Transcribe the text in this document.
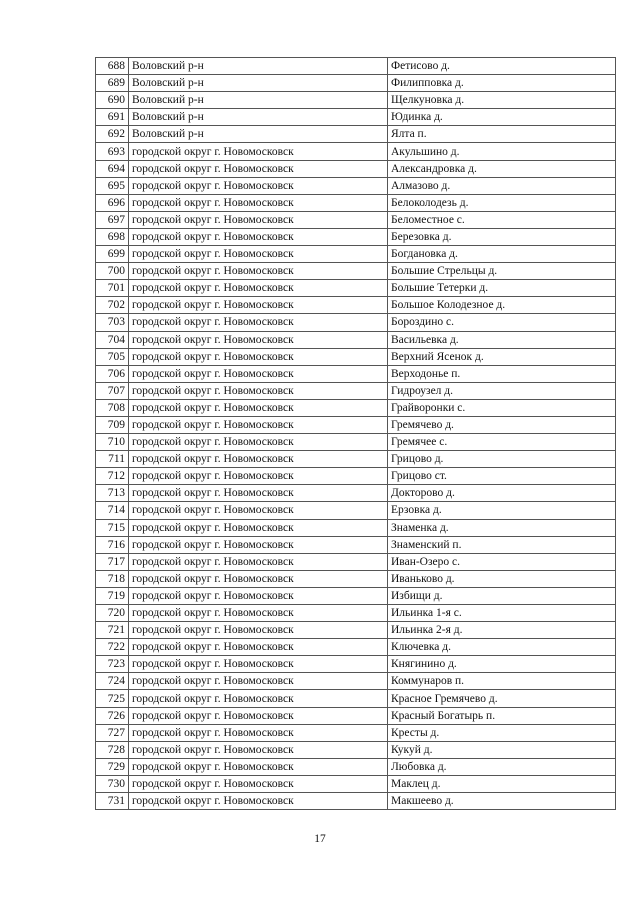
688	Воловский р-н	Фетисово д.
689	Воловский р-н	Филипповка д.
690	Воловский р-н	Щелкуновка д.
691	Воловский р-н	Юдинка д.
692	Воловский р-н	Ялта п.
693	городской округ г. Новомосковск	Акульшино д.
694	городской округ г. Новомосковск	Александровка д.
695	городской округ г. Новомосковск	Алмазово д.
696	городской округ г. Новомосковск	Белоколодезь д.
697	городской округ г. Новомосковск	Беломестное с.
698	городской округ г. Новомосковск	Березовка д.
699	городской округ г. Новомосковск	Богдановка д.
700	городской округ г. Новомосковск	Большие Стрельцы д.
701	городской округ г. Новомосковск	Большие Тетерки д.
702	городской округ г. Новомосковск	Большое Колодезное д.
703	городской округ г. Новомосковск	Бороздино с.
704	городской округ г. Новомосковск	Васильевка д.
705	городской округ г. Новомосковск	Верхний Ясенок д.
706	городской округ г. Новомосковск	Верходонье п.
707	городской округ г. Новомосковск	Гидроузел д.
708	городской округ г. Новомосковск	Грайворонки с.
709	городской округ г. Новомосковск	Гремячево д.
710	городской округ г. Новомосковск	Гремячее с.
711	городской округ г. Новомосковск	Грицово д.
712	городской округ г. Новомосковск	Грицово ст.
713	городской округ г. Новомосковск	Докторово д.
714	городской округ г. Новомосковск	Ерзовка д.
715	городской округ г. Новомосковск	Знаменка д.
716	городской округ г. Новомосковск	Знаменский п.
717	городской округ г. Новомосковск	Иван-Озеро с.
718	городской округ г. Новомосковск	Иваньково д.
719	городской округ г. Новомосковск	Избищи д.
720	городской округ г. Новомосковск	Ильинка 1-я с.
721	городской округ г. Новомосковск	Ильинка 2-я д.
722	городской округ г. Новомосковск	Ключевка д.
723	городской округ г. Новомосковск	Княгинино д.
724	городской округ г. Новомосковск	Коммунаров п.
725	городской округ г. Новомосковск	Красное Гремячево д.
726	городской округ г. Новомосковск	Красный Богатырь п.
727	городской округ г. Новомосковск	Кресты д.
728	городской округ г. Новомосковск	Кукуй д.
729	городской округ г. Новомосковск	Любовка д.
730	городской округ г. Новомосковск	Маклец д.
731	городской округ г. Новомосковск	Макшеево д.
17
